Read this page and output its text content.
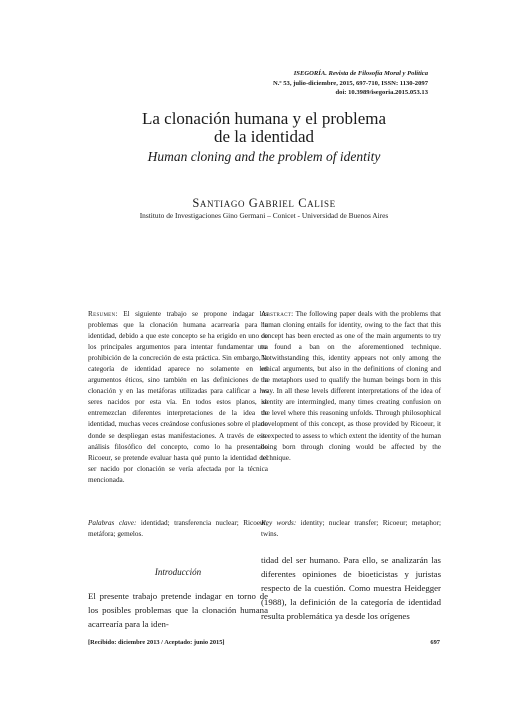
ISEGORÍA. Revista de Filosofía Moral y Política
N.º 53, julio-diciembre, 2015, 697-710, ISSN: 1130-2097
doi: 10.3989/isegoria.2015.053.13
La clonación humana y el problema
de la identidad
Human cloning and the problem of identity
Santiago Gabriel Calise
Instituto de Investigaciones Gino Germani – Conicet - Universidad de Buenos Aires
Resumen: El siguiente trabajo se propone indagar los problemas que la clonación humana acarrearía para la identidad, debido a que este concepto se ha erigido en uno de los principales argumentos para intentar fundamentar una prohibición de la concreción de esta práctica. Sin embargo, la categoría de identidad aparece no solamente en los argumentos éticos, sino también en las definiciones de la clonación y en las metáforas utilizadas para calificar a los seres nacidos por esta vía. En todos estos planos, se entremezclan diferentes interpretaciones de la idea de identidad, muchas veces creándose confusiones sobre el plano donde se despliegan estas manifestaciones. A través de este análisis filosófico del concepto, como lo ha presentado Ricoeur, se pretende evaluar hasta qué punto la identidad del ser nacido por clonación se vería afectada por la técnica mencionada.
Abstract: The following paper deals with the problems that human cloning entails for identity, owing to the fact that this concept has been erected as one of the main arguments to try to found a ban on the aforementioned technique. Notwithstanding this, identity appears not only among the ethical arguments, but also in the definitions of cloning and the metaphors used to qualify the human beings born in this way. In all these levels different interpretations of the idea of identity are intermingled, many times creating confusion on the level where this reasoning unfolds. Through philosophical development of this concept, as those provided by Ricoeur, it is expected to assess to which extent the identity of the human being born through cloning would be affected by the technique.
Palabras clave: identidad; transferencia nuclear; Ricoeur; metáfora; gemelos.
Key words: identity; nuclear transfer; Ricoeur; metaphor; twins.
Introducción
El presente trabajo pretende indagar en torno de los posibles problemas que la clonación humana acarrearía para la iden-
tidad del ser humano. Para ello, se analizarán las diferentes opiniones de bioeticistas y juristas respecto de la cuestión. Como muestra Heidegger (1988), la definición de la categoría de identidad resulta problemática ya desde los orígenes
[Recibido: diciembre 2013 / Aceptado: junio 2015]	697
